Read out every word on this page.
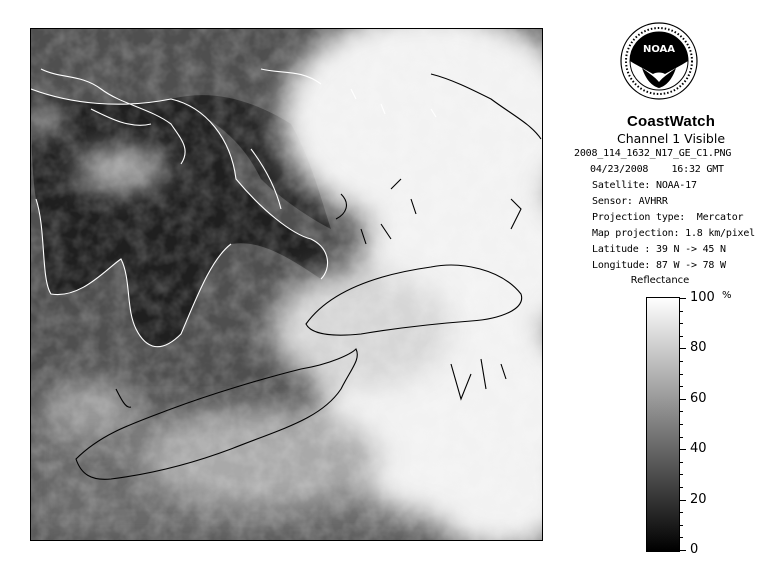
NOAA
CoastWatch
Channel 1 Visible
2008_114_1632_N17_GE_C1.PNG
04/23/2008    16:32 GMT
Satellite: NOAA-17
Sensor: AVHRR
Projection type:  Mercator
Map projection: 1.8 km/pixel
Latitude : 39 N -> 45 N
Longitude: 87 W -> 78 W
Reflectance
%
100
80
60
40
20
0
